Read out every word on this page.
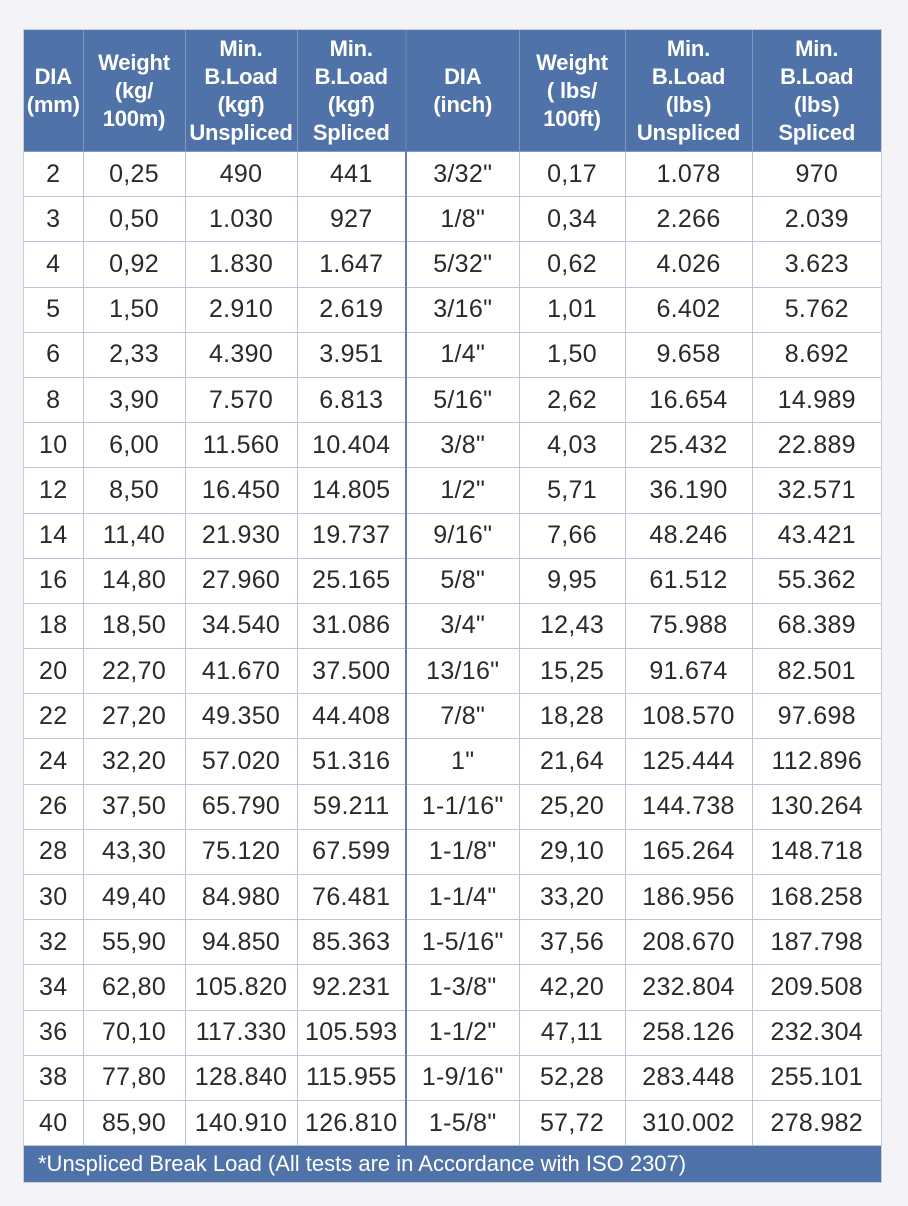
DIA
(mm)	Weight
(kg/
100m)	Min.
B.Load
(kgf)
Unspliced	Min.
B.Load
(kgf)
Spliced	DIA
(inch)	Weight
( lbs/
100ft)	Min.
B.Load
(lbs)
Unspliced	Min.
B.Load
(lbs)
Spliced

2	0,25	490	441	3/32"	0,17	1.078	970
3	0,50	1.030	927	1/8"	0,34	2.266	2.039
4	0,92	1.830	1.647	5/32"	0,62	4.026	3.623
5	1,50	2.910	2.619	3/16"	1,01	6.402	5.762
6	2,33	4.390	3.951	1/4"	1,50	9.658	8.692
8	3,90	7.570	6.813	5/16"	2,62	16.654	14.989
10	6,00	11.560	10.404	3/8"	4,03	25.432	22.889
12	8,50	16.450	14.805	1/2"	5,71	36.190	32.571
14	11,40	21.930	19.737	9/16"	7,66	48.246	43.421
16	14,80	27.960	25.165	5/8"	9,95	61.512	55.362
18	18,50	34.540	31.086	3/4"	12,43	75.988	68.389
20	22,70	41.670	37.500	13/16"	15,25	91.674	82.501
22	27,20	49.350	44.408	7/8"	18,28	108.570	97.698
24	32,20	57.020	51.316	1"	21,64	125.444	112.896
26	37,50	65.790	59.211	1-1/16"	25,20	144.738	130.264
28	43,30	75.120	67.599	1-1/8"	29,10	165.264	148.718
30	49,40	84.980	76.481	1-1/4"	33,20	186.956	168.258
32	55,90	94.850	85.363	1-5/16"	37,56	208.670	187.798
34	62,80	105.820	92.231	1-3/8"	42,20	232.804	209.508
36	70,10	117.330	105.593	1-1/2"	47,11	258.126	232.304
38	77,80	128.840	115.955	1-9/16"	52,28	283.448	255.101
40	85,90	140.910	126.810	1-5/8"	57,72	310.002	278.982
*Unspliced Break Load (All tests are in Accordance with ISO 2307)
